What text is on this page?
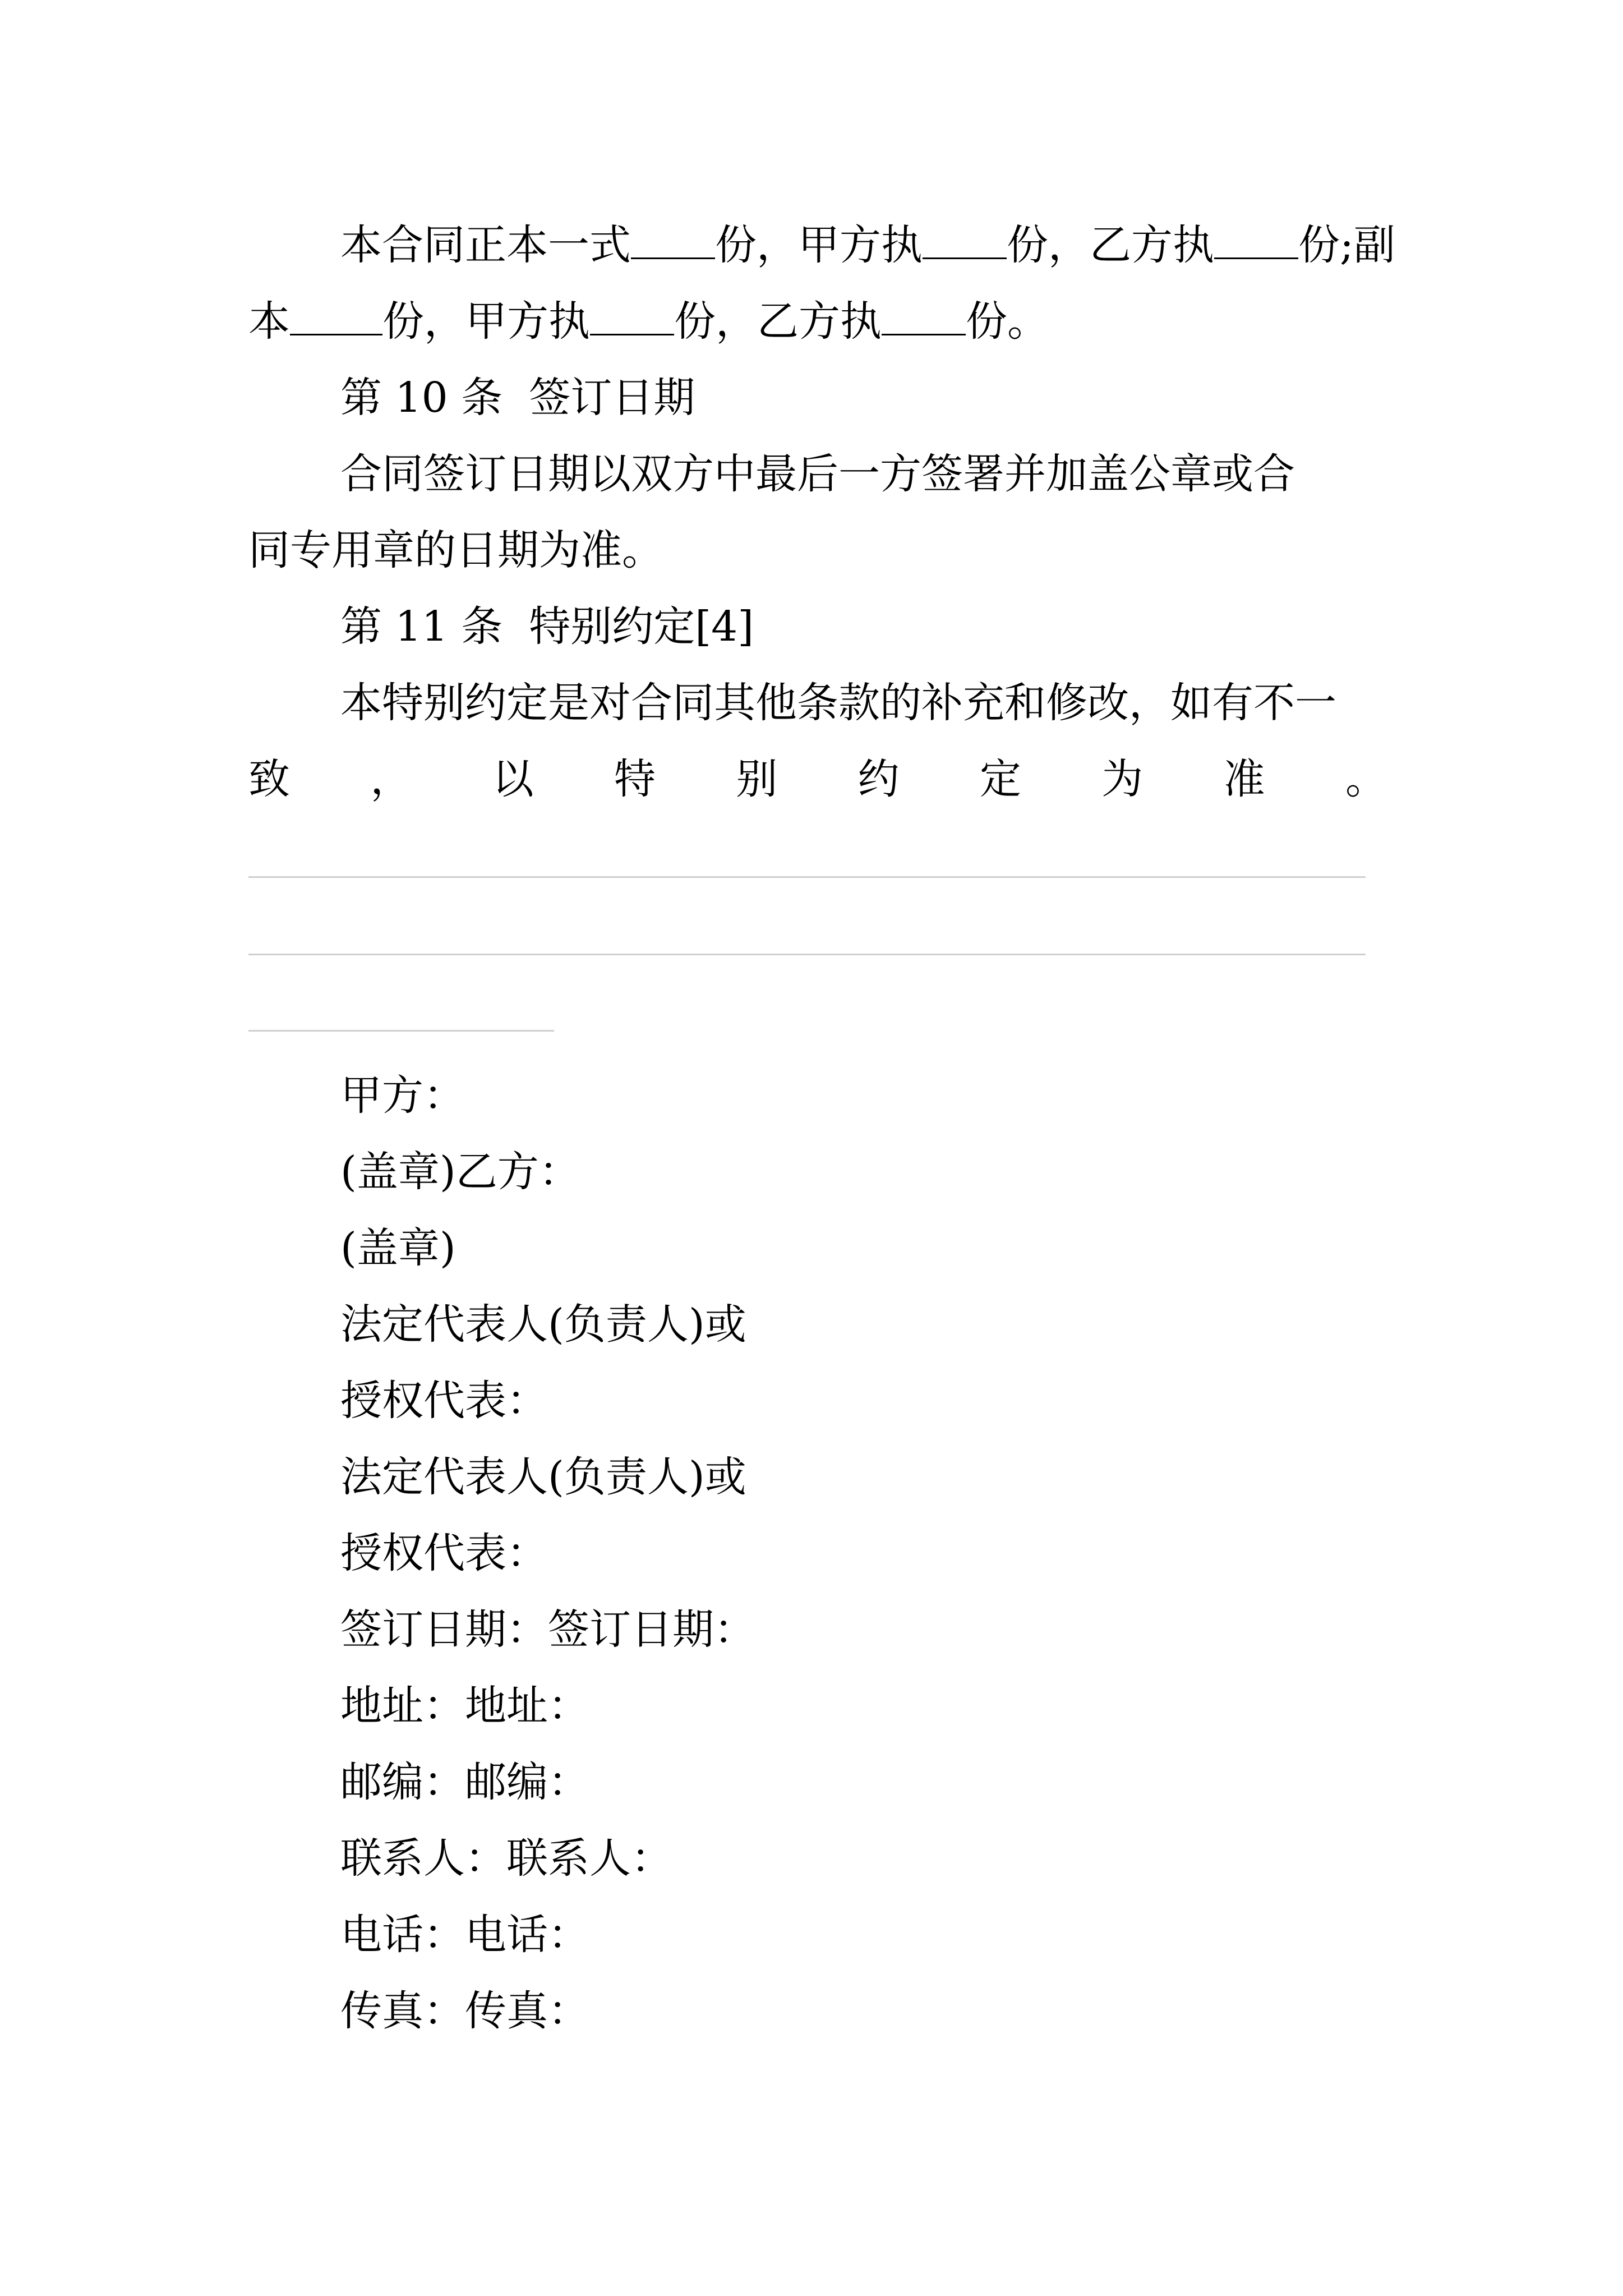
本合同正本一式 份，甲方执 份，乙方执 份;副
本 份，甲方执 份，乙方执 份。
第 10 条  签订日期
合同签订日期以双方中最后一方签署并加盖公章或合
同专用章的日期为准。
第 11 条  特别约定[4]
本特别约定是对合同其他条款的补充和修改，如有不一
致 ， 以 特 别 约 定 为 准 。
甲方：
(盖章)乙方：
(盖章)
法定代表人(负责人)或
授权代表：
法定代表人(负责人)或
授权代表：
签订日期：签订日期：
地址：地址：
邮编：邮编：
联系人：联系人：
电话：电话：
传真：传真：
